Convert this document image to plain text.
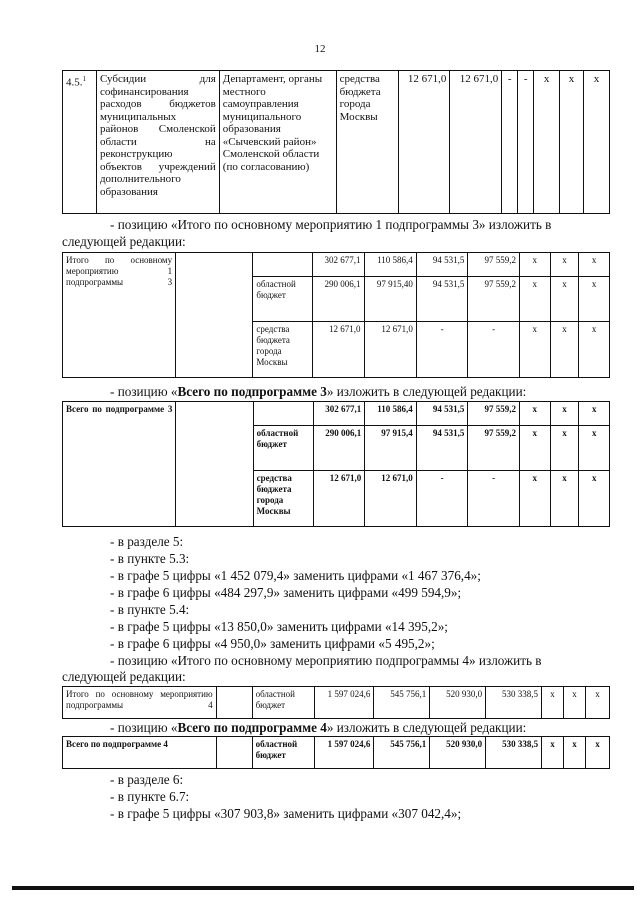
12
4.5.$^1$	Субсидии для софинансирования расходов бюджетов муниципальных районов Смоленской области на реконструкцию объектов учреждений дополнительного образования	Департамент, органы местного самоуправления муниципального образования «Сычевский район» Смоленской области (по согласованию)	средства бюджета города Москвы	12 671,0	12 671,0	-	-	x	x	x
- позицию «Итого по основному мероприятию 1 подпрограммы 3» изложить в
следующей редакции:
Итого по основному мероприятию 1 подпрограммы 3			302 677,1	110 586,4	94 531,5	97 559,2	x	x	x
		областной бюджет	290 006,1	97 915,40	94 531,5	97 559,2	x	x	x
		средства бюджета города Москвы	12 671,0	12 671,0	-	-	x	x	x
- позицию «Всего по подпрограмме 3» изложить в следующей редакции:
Всего по подпрограмме 3			302 677,1	110 586,4	94 531,5	97 559,2	x	x	x
		областной бюджет	290 006,1	97 915,4	94 531,5	97 559,2	x	x	x
		средства бюджета города Москвы	12 671,0	12 671,0	-	-	x	x	x
- в разделе 5:
- в пункте 5.3:
- в графе 5 цифры «1 452 079,4» заменить цифрами «1 467 376,4»;
- в графе 6 цифры «484 297,9» заменить цифрами «499 594,9»;
- в пункте 5.4:
- в графе 5 цифры «13 850,0» заменить цифрами «14 395,2»;
- в графе 6 цифры «4 950,0» заменить цифрами «5 495,2»;
- позицию «Итого по основному мероприятию подпрограммы 4» изложить в
следующей редакции:
Итого по основному мероприятию подпрограммы 4		областной бюджет	1 597 024,6	545 756,1	520 930,0	530 338,5	x	x	x
- позицию «Всего по подпрограмме 4» изложить в следующей редакции:
Всего по подпрограмме 4		областной бюджет	1 597 024,6	545 756,1	520 930,0	530 338,5	x	x	x
- в разделе 6:
- в пункте 6.7:
- в графе 5 цифры «307 903,8» заменить цифрами «307 042,4»;
